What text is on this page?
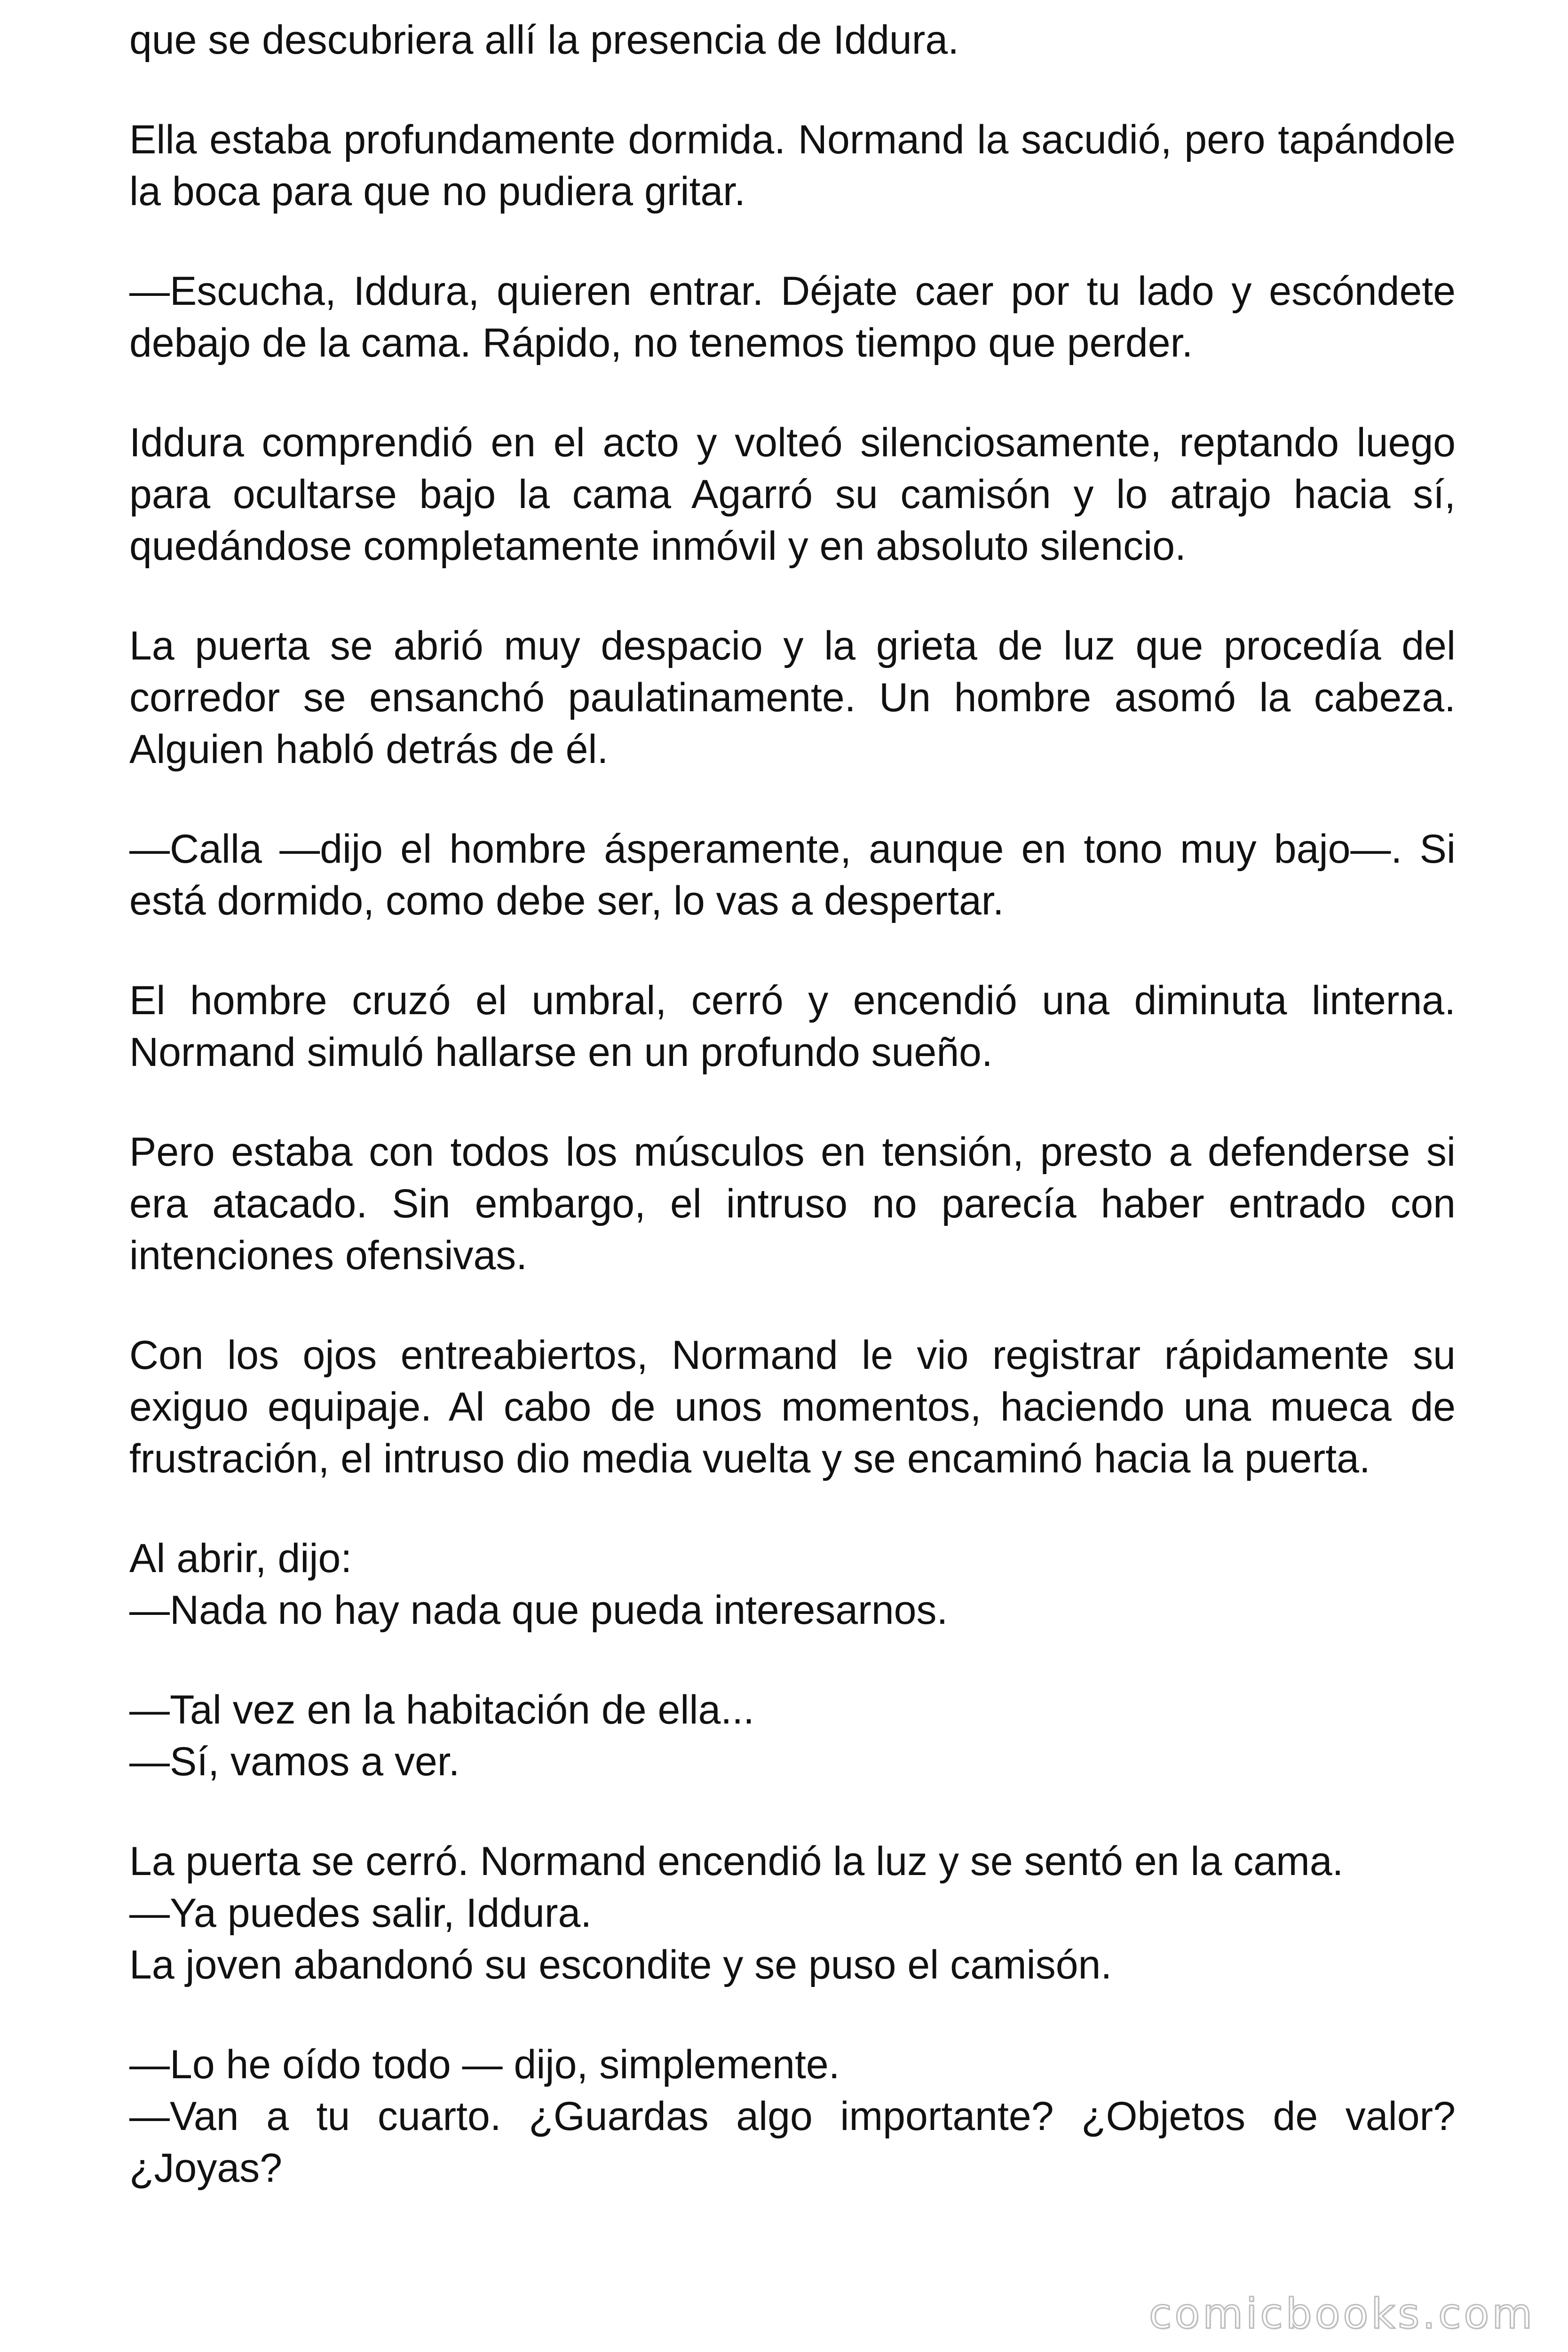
que se descubriera allí la presencia de Iddura.

Ella estaba profundamente dormida. Normand la sacudió, pero tapándole la boca para que no pudiera gritar.

—Escucha, Iddura, quieren entrar. Déjate caer por tu lado y escóndete debajo de la cama. Rápido, no tenemos tiempo que perder.

Iddura comprendió en el acto y volteó silenciosamente, reptando luego para ocultarse bajo la cama Agarró su camisón y lo atrajo hacia sí, quedándose completamente inmóvil y en absoluto silencio.

La puerta se abrió muy despacio y la grieta de luz que procedía del corredor se ensanchó paulatinamente. Un hombre asomó la cabeza. Alguien habló detrás de él.

—Calla —dijo el hombre ásperamente, aunque en tono muy bajo—. Si está dormido, como debe ser, lo vas a despertar.

El hombre cruzó el umbral, cerró y encendió una diminuta linterna. Normand simuló hallarse en un profundo sueño.

Pero estaba con todos los músculos en tensión, presto a defenderse si era atacado. Sin embargo, el intruso no parecía haber entrado con intenciones ofensivas.

Con los ojos entreabiertos, Normand le vio registrar rápidamente su exiguo equipaje. Al cabo de unos momentos, haciendo una mueca de frustración, el intruso dio media vuelta y se encaminó hacia la puerta.

Al abrir, dijo:
—Nada no hay nada que pueda interesarnos.

—Tal vez en la habitación de ella...
—Sí, vamos a ver.

La puerta se cerró. Normand encendió la luz y se sentó en la cama.
—Ya puedes salir, Iddura.
La joven abandonó su escondite y se puso el camisón.

—Lo he oído todo — dijo, simplemente.
—Van a tu cuarto. ¿Guardas algo importante? ¿Objetos de valor? ¿Joyas?

comicbooks.com
